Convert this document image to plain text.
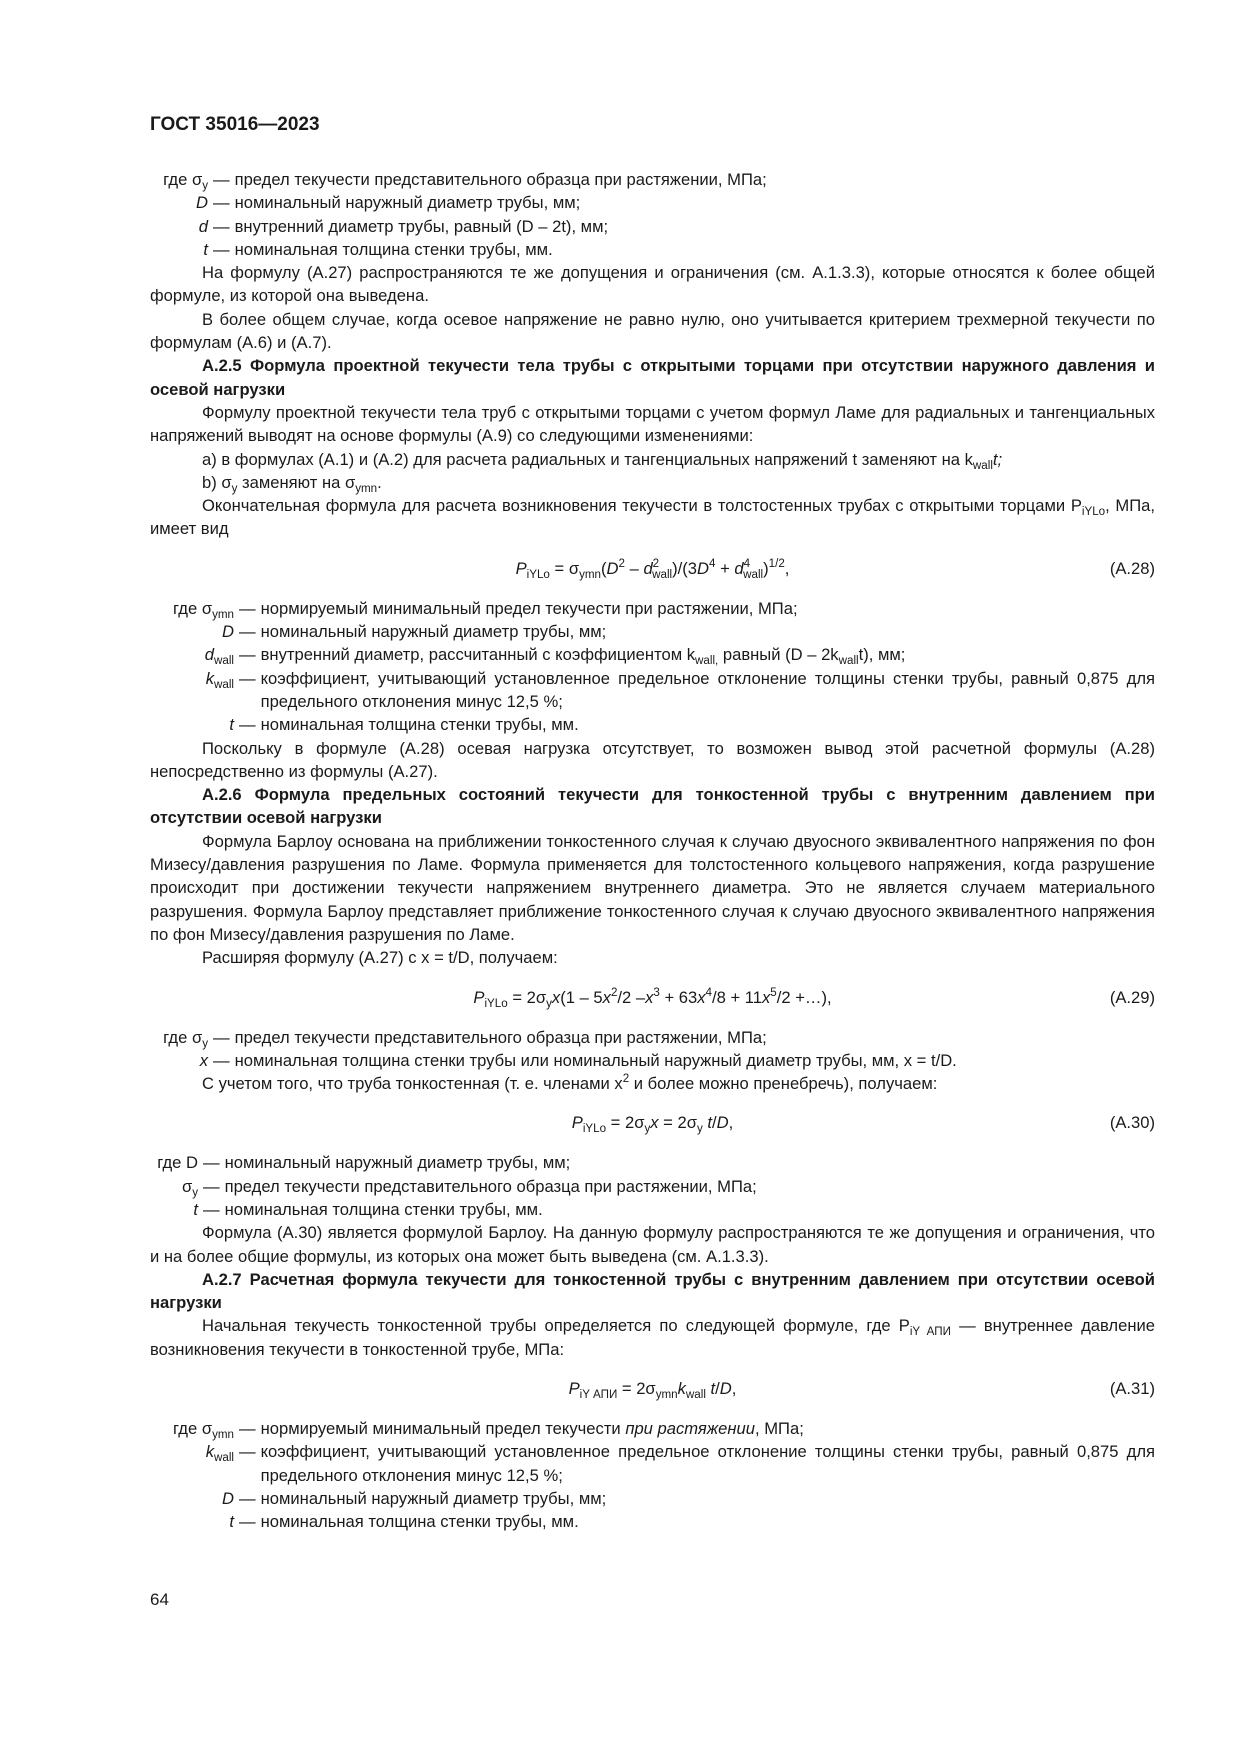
ГОСТ 35016—2023
где $\sigma_y$ — предел текучести представительного образца при растяжении, МПа;
D — номинальный наружный диаметр трубы, мм;
d — внутренний диаметр трубы, равный (D – 2t), мм;
t — номинальная толщина стенки трубы, мм.

На формулу (А.27) распространяются те же допущения и ограничения (см. А.1.3.3), которые относятся к более общей формуле, из которой она выведена.

В более общем случае, когда осевое напряжение не равно нулю, оно учитывается критерием трехмерной текучести по формулам (А.6) и (А.7).

А.2.5 Формула проектной текучести тела трубы с открытыми торцами при отсутствии наружного давления и осевой нагрузки

Формулу проектной текучести тела труб с открытыми торцами с учетом формул Ламе для радиальных и тангенциальных напряжений выводят на основе формулы (А.9) со следующими изменениями:

а) в формулах (А.1) и (А.2) для расчета радиальных и тангенциальных напряжений t заменяют на $k_{wall}t$;

b) $\sigma_y$ заменяют на $\sigma_{ymn}$.

Окончательная формула для расчета возникновения текучести в толстостенных трубах с открытыми торцами $P_{iYLo}$, МПа, имеет вид

$P_{iYLo} = \sigma_{ymn}(D^2 - d^2_{wall})/(3D^4 + d^4_{wall})^{1/2}$,	(А.28)
где $\sigma_{ymn}$ — нормируемый минимальный предел текучести при растяжении, МПа;
D — номинальный наружный диаметр трубы, мм;
$d_{wall}$ — внутренний диаметр, рассчитанный с коэффициентом $k_{wall,}$ равный $(D - 2k_{wall}t)$, мм;
$k_{wall}$ — коэффициент, учитывающий установленное предельное отклонение толщины стенки трубы, равный 0,875 для предельного отклонения минус 12,5 %;
t — номинальная толщина стенки трубы, мм.

Поскольку в формуле (А.28) осевая нагрузка отсутствует, то возможен вывод этой расчетной формулы (А.28) непосредственно из формулы (А.27).

А.2.6 Формула предельных состояний текучести для тонкостенной трубы с внутренним давлением при отсутствии осевой нагрузки

Формула Барлоу основана на приближении тонкостенного случая к случаю двуосного эквивалентного напряжения по фон Мизесу/давления разрушения по Ламе. Формула применяется для толстостенного кольцевого напряжения, когда разрушение происходит при достижении текучести напряжением внутреннего диаметра. Это не является случаем материального разрушения. Формула Барлоу представляет приближение тонкостенного случая к случаю двуосного эквивалентного напряжения по фон Мизесу/давления разрушения по Ламе.

Расширяя формулу (А.27) с x = t/D, получаем:

$P_{iYLo} = 2\sigma_yx(1 - 5x^2/2$ $-x^3 + 63x^4/8 + 11x^5/2$ +…),	(А.29)
где $\sigma_y$ — предел текучести представительного образца при растяжении, МПа;
x — номинальная толщина стенки трубы или номинальный наружный диаметр трубы, мм, x = t/D.

С учетом того, что труба тонкостенная (т. е. членами $x^2$ и более можно пренебречь), получаем:

$P_{iYLo} = 2\sigma_yx = 2\sigma_y$ t/D,	(А.30)
где D — номинальный наружный диаметр трубы, мм;
$\sigma_y$ — предел текучести представительного образца при растяжении, МПа;
t — номинальная толщина стенки трубы, мм.

Формула (А.30) является формулой Барлоу. На данную формулу распространяются те же допущения и ограничения, что и на более общие формулы, из которых она может быть выведена (см. А.1.3.3).

А.2.7 Расчетная формула текучести для тонкостенной трубы с внутренним давлением при отсутствии осевой нагрузки

Начальная текучесть тонкостенной трубы определяется по следующей формуле, где $P_{iY АПИ}$ — внутреннее давление возникновения текучести в тонкостенной трубе, МПа:

$P_{iY АПИ} = 2\sigma_{ymn}k_{wall}$ t/D,	(А.31)
где $\sigma_{ymn}$ — нормируемый минимальный предел текучести при растяжении, МПа;
$k_{wall}$ — коэффициент, учитывающий установленное предельное отклонение толщины стенки трубы, равный 0,875 для предельного отклонения минус 12,5 %;
D — номинальный наружный диаметр трубы, мм;
t — номинальная толщина стенки трубы, мм.
64
